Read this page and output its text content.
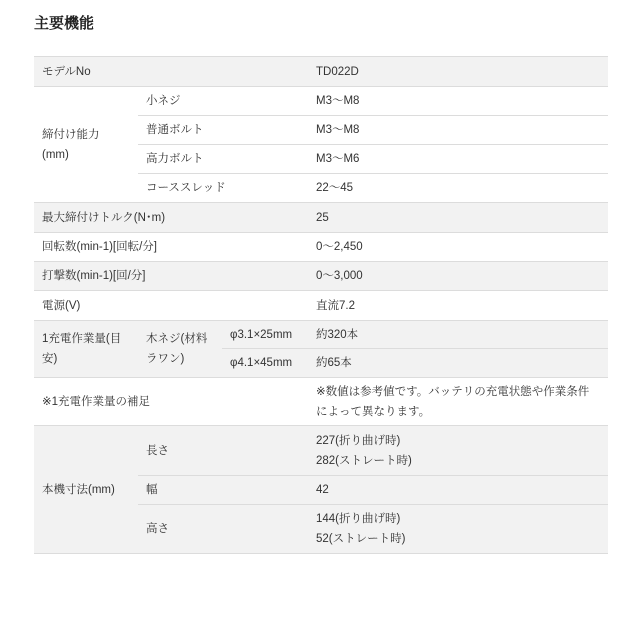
主要機能
モデルNo			TD022D
締付け能力
(mm)	小ネジ		M3～M8
	普通ボルト		M3～M8
	高力ボルト		M3～M6
	コーススレッド		22～45
最大締付けトルク(N･m)			25
回転数(min-1)[回転/分]			0～2,450
打撃数(min-1)[回/分]			0～3,000
電源(V)			直流7.2
1充電作業量(目安)	木ネジ(材料ラワン)	φ3.1×25mm	約320本
		φ4.1×45mm	約65本
※1充電作業量の補足			※数値は参考値です。バッテリの充電状態や作業条件によって異なります。
本機寸法(mm)	長さ		227(折り曲げ時)
282(ストレート時)
	幅		42
	高さ		144(折り曲げ時)
52(ストレート時)
